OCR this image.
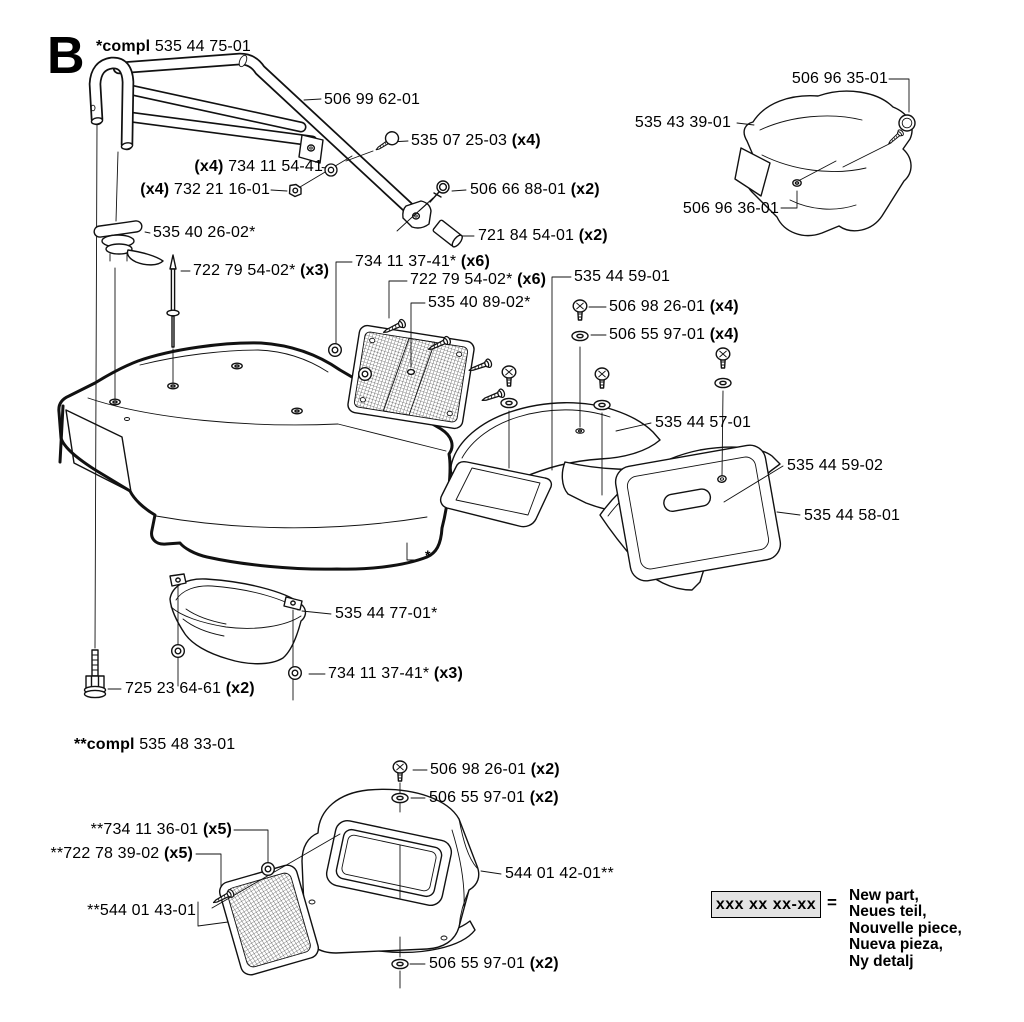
B *compl 535 44 75-01
506 99 62-01
535 07 25-03 (x4)
(x4) 734 11 54-41
(x4) 732 21 16-01	506 66 88-01 (x2)
721 84 54-01 (x2)
535 40 26-02*
722 79 54-02* (x3)
734 11 37-41* (x6)
722 79 54-02* (x6)
535 40 89-02*
535 44 59-01
506 98 26-01 (x4)
506 55 97-01 (x4)
506 96 35-01
535 43 39-01
506 96 36-01
535 44 57-01
535 44 59-02
535 44 58-01
*
535 44 77-01*
725 23 64-61 (x2)
734 11 37-41* (x3)
**compl 535 48 33-01
506 98 26-01 (x2)
506 55 97-01 (x2)
**734 11 36-01 (x5)
**722 78 39-02 (x5)
**544 01 43-01
544 01 42-01**
506 55 97-01 (x2)
xxx xx xx-xx = New part,
Neues teil,
Nouvelle piece,
Nueva pieza,
Ny detalj
